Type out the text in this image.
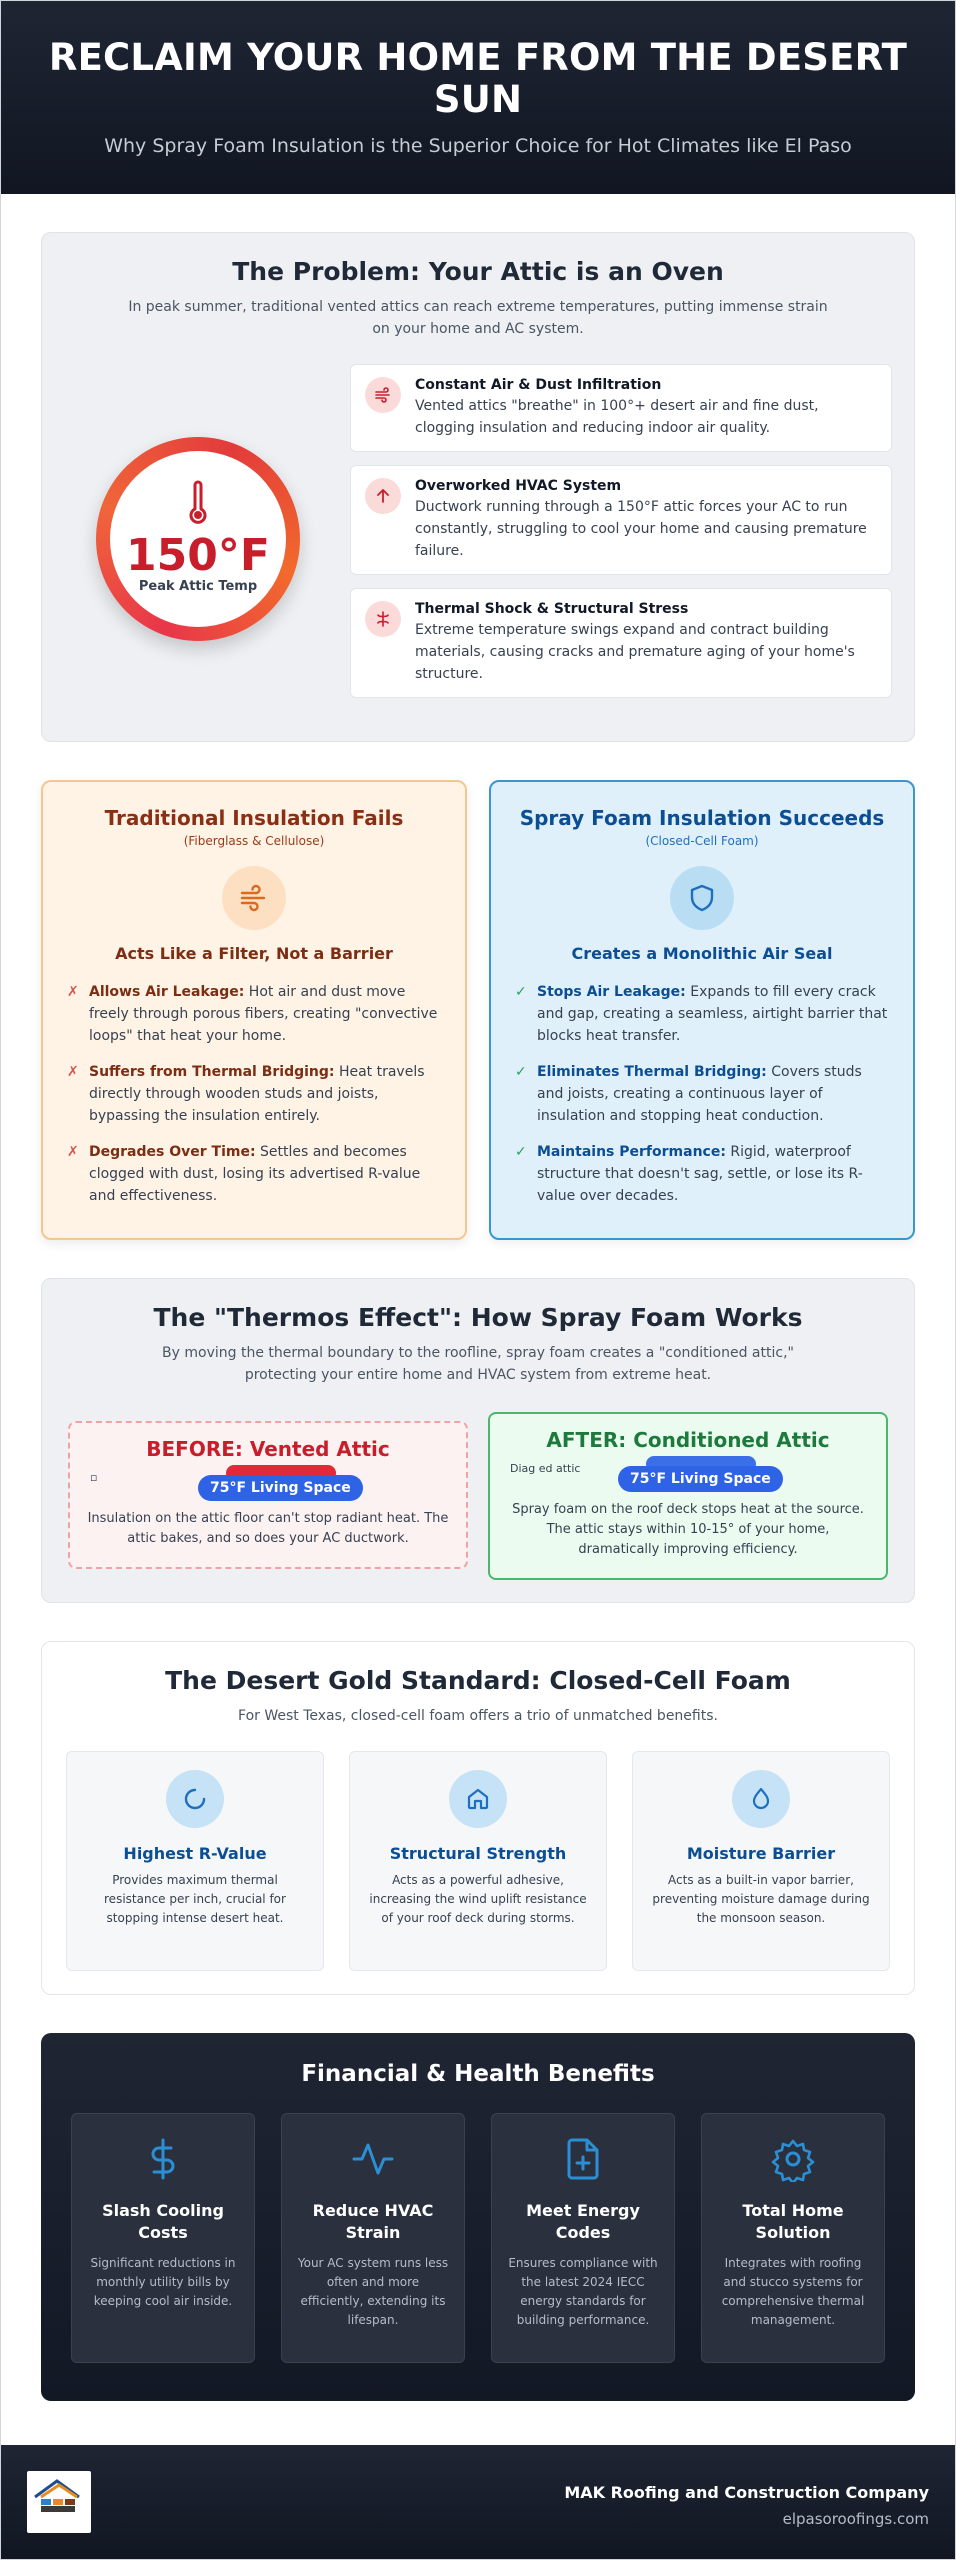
RECLAIM YOUR HOME FROM THE DESERT SUN

Why Spray Foam Insulation is the Superior Choice for Hot Climates like El Paso

The Problem: Your Attic is an Oven
In peak summer, traditional vented attics can reach extreme temperatures, putting immense strain on your home and AC system.
150°F
Peak Attic Temp
Constant Air & Dust Infiltration

Vented attics "breathe" in 100°+ desert air and fine dust, clogging insulation and reducing indoor air quality.

Overworked HVAC System

Ductwork running through a 150°F attic forces your AC to run constantly, struggling to cool your home and causing premature failure.

Thermal Shock & Structural Stress

Extreme temperature swings expand and contract building materials, causing cracks and premature aging of your home's structure.

Traditional Insulation Fails
(Fiberglass & Cellulose)
Acts Like a Filter, Not a Barrier
✗ Allows Air Leakage: Hot air and dust move freely through porous fibers, creating "convective loops" that heat your home.
✗ Suffers from Thermal Bridging: Heat travels directly through wooden studs and joists, bypassing the insulation entirely.
✗ Degrades Over Time: Settles and becomes clogged with dust, losing its advertised R-value and effectiveness.
Spray Foam Insulation Succeeds
(Closed-Cell Foam)
Creates a Monolithic Air Seal
✓ Stops Air Leakage: Expands to fill every crack and gap, creating a seamless, airtight barrier that blocks heat transfer.
✓ Eliminates Thermal Bridging: Covers studs and joists, creating a continuous layer of insulation and stopping heat conduction.
✓ Maintains Performance: Rigid, waterproof structure that doesn't sag, settle, or lose its R-value over decades.
The "Thermos Effect": How Spray Foam Works
By moving the thermal boundary to the roofline, spray foam creates a "conditioned attic," protecting your entire home and HVAC system from extreme heat.
BEFORE: Vented Attic
▫
75°F Living Space

Insulation on the attic floor can't stop radiant heat. The attic bakes, and so does your AC ductwork.

AFTER: Conditioned Attic
Diag ed attic
75°F Living Space

Spray foam on the roof deck stops heat at the source. The attic stays within 10-15° of your home, dramatically improving efficiency.

The Desert Gold Standard: Closed-Cell Foam
For West Texas, closed-cell foam offers a trio of unmatched benefits.
Highest R-Value

Provides maximum thermal resistance per inch, crucial for stopping intense desert heat.

Structural Strength

Acts as a powerful adhesive, increasing the wind uplift resistance of your roof deck during storms.

Moisture Barrier

Acts as a built-in vapor barrier, preventing moisture damage during the monsoon season.

Financial & Health Benefits
Slash Cooling Costs

Significant reductions in monthly utility bills by keeping cool air inside.

Reduce HVAC Strain

Your AC system runs less often and more efficiently, extending its lifespan.

Meet Energy Codes

Ensures compliance with the latest 2024 IECC energy standards for building performance.

Total Home Solution

Integrates with roofing and stucco systems for comprehensive thermal management.

MAK Roofing and Construction Company
elpasoroofings.com
